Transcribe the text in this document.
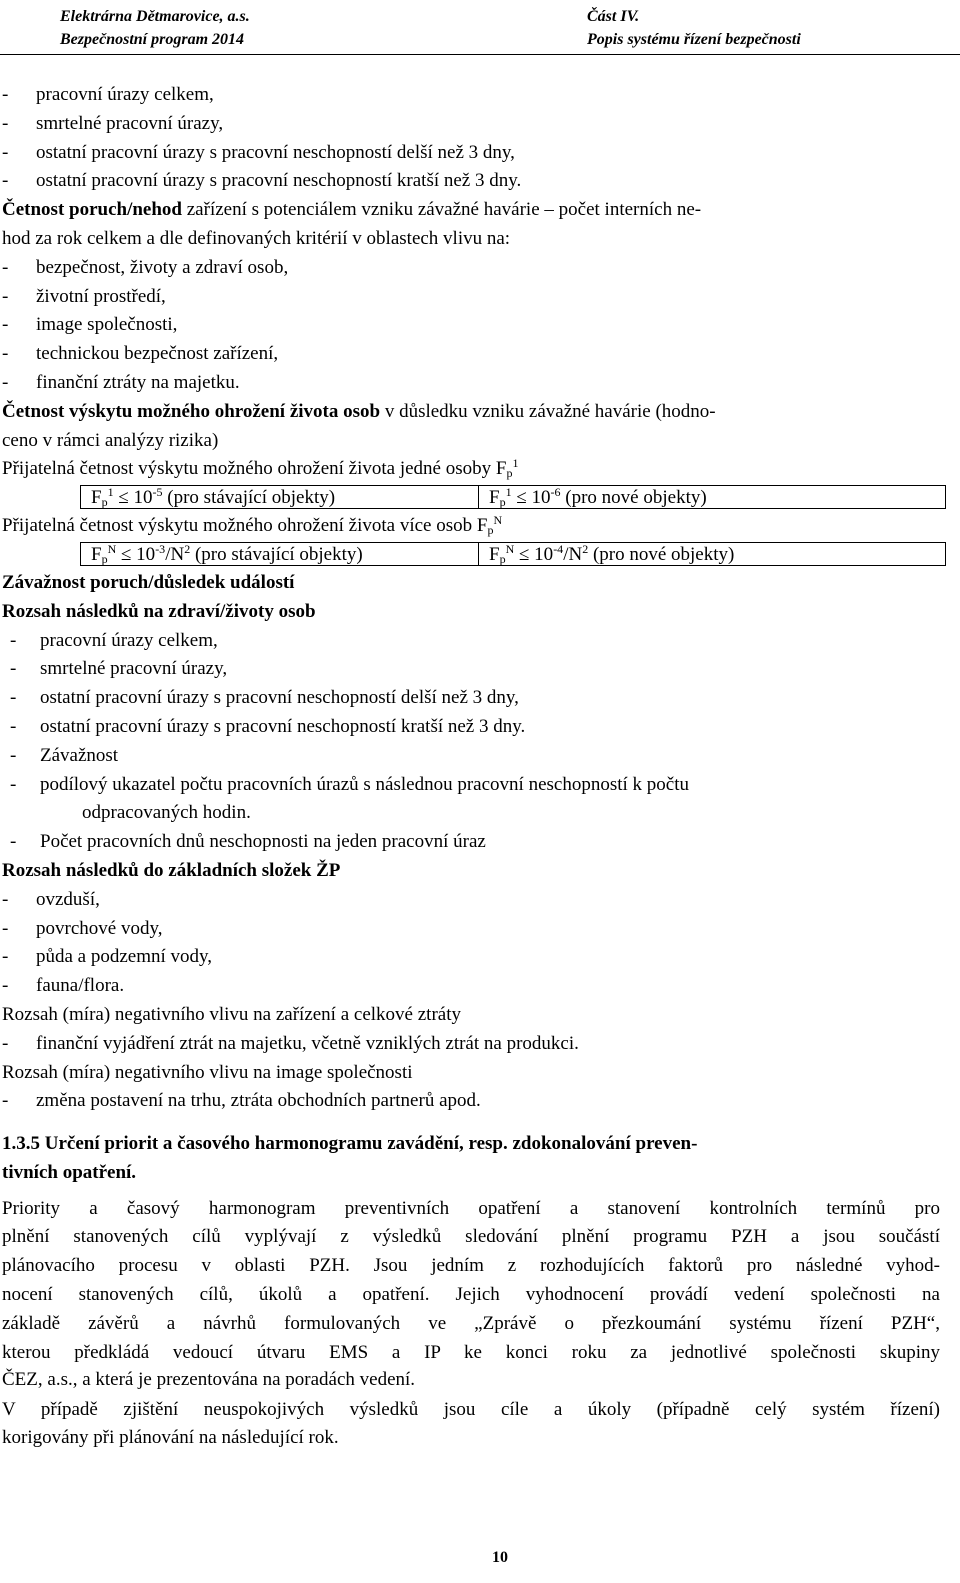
Elektrárna Dětmarovice, a.s.	Část IV.
Bezpečnostní program 2014	Popis systému řízení bezpečnosti
- pracovní úrazy celkem,
- smrtelné pracovní úrazy,
- ostatní pracovní úrazy s pracovní neschopností delší než 3 dny,
- ostatní pracovní úrazy s pracovní neschopností kratší než 3 dny.
Četnost poruch/nehod zařízení s potenciálem vzniku závažné havárie – počet interních ne-
hod za rok celkem a dle definovaných kritérií v oblastech vlivu na:
- bezpečnost, životy a zdraví osob,
- životní prostředí,
- image společnosti,
- technickou bezpečnost zařízení,
- finanční ztráty na majetku.
Četnost výskytu možného ohrožení života osob v důsledku vzniku závažné havárie (hodno-
ceno v rámci analýzy rizika)
Přijatelná četnost výskytu možného ohrožení života jedné osoby $F_p^1$
$F_p^1 \le 10^{-5}$ (pro stávající objekty)	$F_p^1 \le 10^{-6}$ (pro nové objekty)
Přijatelná četnost výskytu možného ohrožení života více osob $F_p^N$
$F_p^N \le 10^{-3}/N^2$ (pro stávající objekty)	$F_p^N \le 10^{-4}/N^2$ (pro nové objekty)
Závažnost poruch/důsledek událostí
Rozsah následků na zdraví/životy osob
- pracovní úrazy celkem,
- smrtelné pracovní úrazy,
- ostatní pracovní úrazy s pracovní neschopností delší než 3 dny,
- ostatní pracovní úrazy s pracovní neschopností kratší než 3 dny.
- Závažnost
- podílový ukazatel počtu pracovních úrazů s následnou pracovní neschopností k počtu
odpracovaných hodin.
- Počet pracovních dnů neschopnosti na jeden pracovní úraz
Rozsah následků do základních složek ŽP
- ovzduší,
- povrchové vody,
- půda a podzemní vody,
- fauna/flora.
Rozsah (míra) negativního vlivu na zařízení a celkové ztráty
- finanční vyjádření ztrát na majetku, včetně vzniklých ztrát na produkci.
Rozsah (míra) negativního vlivu na image společnosti
- změna postavení na trhu, ztráta obchodních partnerů apod.
1.3.5 Určení priorit a časového harmonogramu zavádění, resp. zdokonalování preven-
tivních opatření.
Priority a časový harmonogram preventivních opatření a stanovení kontrolních termínů pro
plnění stanovených cílů vyplývají z výsledků sledování plnění programu PZH a jsou součástí
plánovacího procesu v oblasti PZH. Jsou jedním z rozhodujících faktorů pro následné vyhod-
nocení stanovených cílů, úkolů a opatření. Jejich vyhodnocení provádí vedení společnosti na
základě závěrů a návrhů formulovaných ve „Zprávě o přezkoumání systému řízení PZH“,
kterou předkládá vedoucí útvaru EMS a IP ke konci roku za jednotlivé společnosti skupiny
ČEZ, a.s., a která je prezentována na poradách vedení.
V případě zjištění neuspokojivých výsledků jsou cíle a úkoly (případně celý systém řízení)
korigovány při plánování na následující rok.
10
